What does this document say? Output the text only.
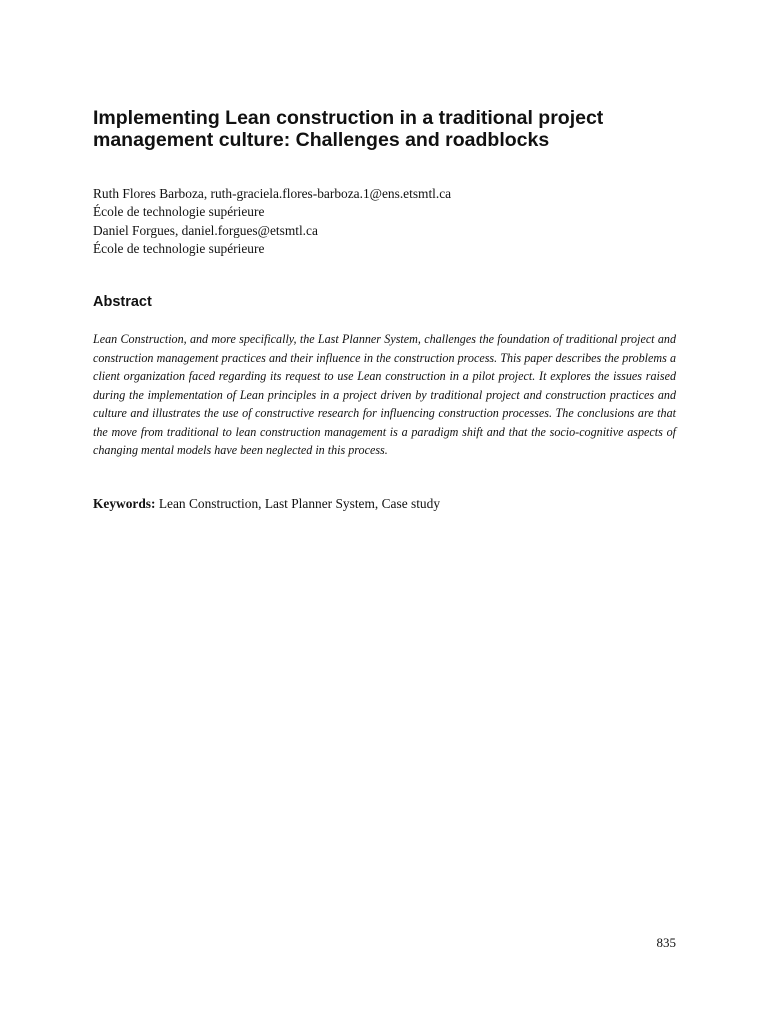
Implementing Lean construction in a traditional project management culture: Challenges and roadblocks
Ruth Flores Barboza, ruth-graciela.flores-barboza.1@ens.etsmtl.ca
École de technologie supérieure
Daniel Forgues, daniel.forgues@etsmtl.ca
École de technologie supérieure
Abstract

Lean Construction, and more specifically, the Last Planner System, challenges the foundation of traditional project and construction management practices and their influence in the construction process. This paper describes the problems a client organization faced regarding its request to use Lean construction in a pilot project. It explores the issues raised during the implementation of Lean principles in a project driven by traditional project and construction practices and culture and illustrates the use of constructive research for influencing construction processes. The conclusions are that the move from traditional to lean construction management is a paradigm shift and that the socio-cognitive aspects of changing mental models have been neglected in this process.

Keywords: Lean Construction, Last Planner System, Case study
835
